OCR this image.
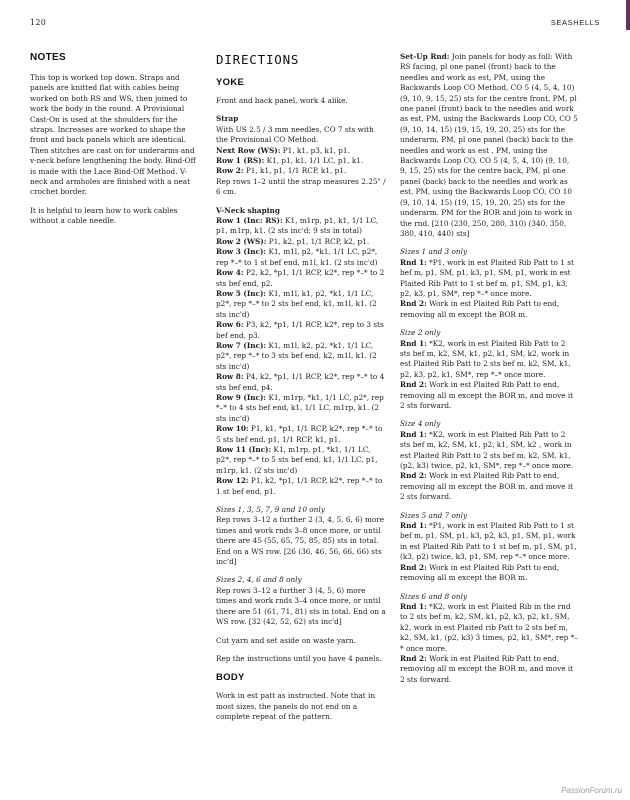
120	SEASHELLS
NOTES

This top is worked top down. Straps and panels are knitted flat with cables being worked on both RS and WS, then joined to work the body in the round. A Provisional Cast-On is used at the shoulders for the straps. Increases are worked to shape the front and back panels which are identical. Then stitches are cast on for underarms and v-neck before lengthening the body. Bind-Off is made with the Lace Bind-Off Method. V-neck and armholes are finished with a neat crochet border.

It is helpful to learn how to work cables without a cable needle.

DIRECTIONS
YOKE

Front and back panel, work 4 alike.

Strap
With US 2.5 / 3 mm needles, CO 7 sts with the Provisional CO Method.

Next Row (WS): P1, k1, p3, k1, p1.

Row 1 (RS): K1, p1, k1, 1/1 LC, p1, k1.

Row 2: P1, k1, p1, 1/1 RCP, k1, p1.

Rep rows 1–2 until the strap measures 2.25" / 6 cm.

V-Neck shaping

Row 1 (Inc: RS): K1, m1rp, p1, k1, 1/1 LC, p1, m1rp, k1. (2 sts inc'd; 9 sts in total)

Row 2 (WS): P1, k2, p1, 1/1 RCP, k2, p1.

Row 3 (Inc): K1, m1l, p2, *k1, 1/1 LC, p2*, rep *–* to 1 st bef end, m1l, k1. (2 sts inc'd)

Row 4: P2, k2, *p1, 1/1 RCP, k2*, rep *–* to 2 sts bef end, p2.

Row 5 (Inc): K1, m1l, k1, p2, *k1, 1/1 LC, p2*, rep *–* to 2 sts bef end, k1, m1l, k1. (2 sts inc'd)

Row 6: P3, k2, *p1, 1/1 RCP, k2*, rep to 3 sts bef end, p3.

Row 7 (Inc): K1, m1l, k2, p2, *k1, 1/1 LC, p2*, rep *–* to 3 sts bef end, k2, m1l, k1. (2 sts inc'd)

Row 8: P4, k2, *p1, 1/1 RCP, k2*, rep *–* to 4 sts bef end, p4.

Row 9 (Inc): K1, m1rp, *k1, 1/1 LC, p2*, rep *–* to 4 sts bef end, k1, 1/1 LC, m1rp, k1. (2 sts inc'd)

Row 10: P1, k1, *p1, 1/1 RCP, k2*, rep *–* to 5 sts bef end, p1, 1/1 RCP, k1, p1.

Row 11 (Inc): K1, m1rp, p1, *k1, 1/1 LC, p2*, rep *–* to 5 sts bef end, k1, 1/1 LC, p1, m1rp, k1. (2 sts inc'd)

Row 12: P1, k2, *p1, 1/1 RCP, k2*, rep *–* to 1 st bef end, p1.

Sizes 1, 3, 5, 7, 9 and 10 only
Rep rows 3–12 a further 2 (3, 4, 5, 6, 6) more times and work rnds 3–8 once more, or until there are 45 (55, 65, 75, 85, 85) sts in total. End on a WS row. [26 (36, 46, 56, 66, 66) sts inc'd]

Sizes 2, 4, 6 and 8 only
Rep rows 3–12 a further 3 (4, 5, 6) more times and work rnds 3–4 once more, or until there are 51 (61, 71, 81) sts in total. End on a WS row. [32 (42, 52, 62) sts inc'd]

Cut yarn and set aside on waste yarn.

Rep the instructions until you have 4 panels.

BODY

Work in est patt as instructed. Note that in most sizes, the panels do not end on a complete repeat of the pattern.

Set-Up Rnd: Join panels for body as foll: With RS facing, pl one panel (front) back to the needles and work as est, PM, using the Backwards Loop CO Method, CO 5 (4, 5, 4, 10) (9, 10, 9, 15, 25) sts for the centre front, PM, pl one panel (front) back to the needles and work as est, PM, using the Backwards Loop CO, CO 5 (9, 10, 14, 15) (19, 15, 19, 20, 25) sts for the underarm, PM, pl one panel (back) back to the needles and work as est , PM, using the Backwards Loop CO, CO 5 (4, 5, 4, 10) (9, 10, 9, 15, 25) sts for the centre back, PM, pl one panel (back) back to the needles and work as est, PM, using the Backwards Loop CO, CO 10 (9, 10, 14, 15) (19, 15, 19, 20, 25) sts for the underarm. PM for the BOR and join to work in the rnd. [210 (230, 250, 280, 310) (340, 350, 380, 410, 440) sts]

Sizes 1 and 3 only

Rnd 1: *P1, work in est Plaited Rib Patt to 1 st bef m, p1, SM, p1, k3, p1, SM, p1, work in est Plaited Rib Patt to 1 st bef m, p1, SM, p1, k3, p2, k3, p1, SM*, rep *–* once more.

Rnd 2: Work in est Plaited Rib Patt to end, removing all m except the BOR m.

Size 2 only

Rnd 1: *K2, work in est Plaited Rib Patt to 2 sts bef m, k2, SM, k1, p2, k1, SM, k2, work in est Plaited Rib Patt to 2 sts bef m, k2, SM, k1, p2, k3, p2, k1, SM*, rep *–* once more.

Rnd 2: Work in est Plaited Rib Patt to end, removing all m except the BOR m, and move it 2 sts forward.

Size 4 only

Rnd 1: *K2, work in est Plaited Rib Patt to 2 sts bef m, k2, SM, k1, p2, k1, SM, k2 , work in est Plaited Rib Patt to 2 sts bef m, k2, SM, k1, (p2, k3) twice, p2, k1, SM*, rep *–* once more.

Rnd 2: Work in est Plaited Rib Patt to end, removing all m except the BOR m, and move it 2 sts forward.

Sizes 5 and 7 only

Rnd 1: *P1, work in est Plaited Rib Patt to 1 st bef m, p1, SM, p1, k3, p2, k3, p1, SM, p1, work in est Plaited Rib Patt to 1 st bef m, p1, SM, p1, (k3, p2) twice, k3, p1, SM, rep *–* once more.

Rnd 2: Work in est Plaited Rib Patt to end, removing all m except the BOR m.

Sizes 6 and 8 only

Rnd 1: *K2, work in est Plaited Rib in the rnd to 2 sts bef m, k2, SM, k1, p2, k3, p2, k1, SM, k2, work in est Plaited rib Patt to 2 sts bef m, k2, SM, k1, (p2, k3) 3 times, p2, k1, SM*, rep *–* once more.

Rnd 2: Work in est Plaited Rib Patt to end, removing all m except the BOR m, and move it 2 sts forward.

PassionForum.ru
